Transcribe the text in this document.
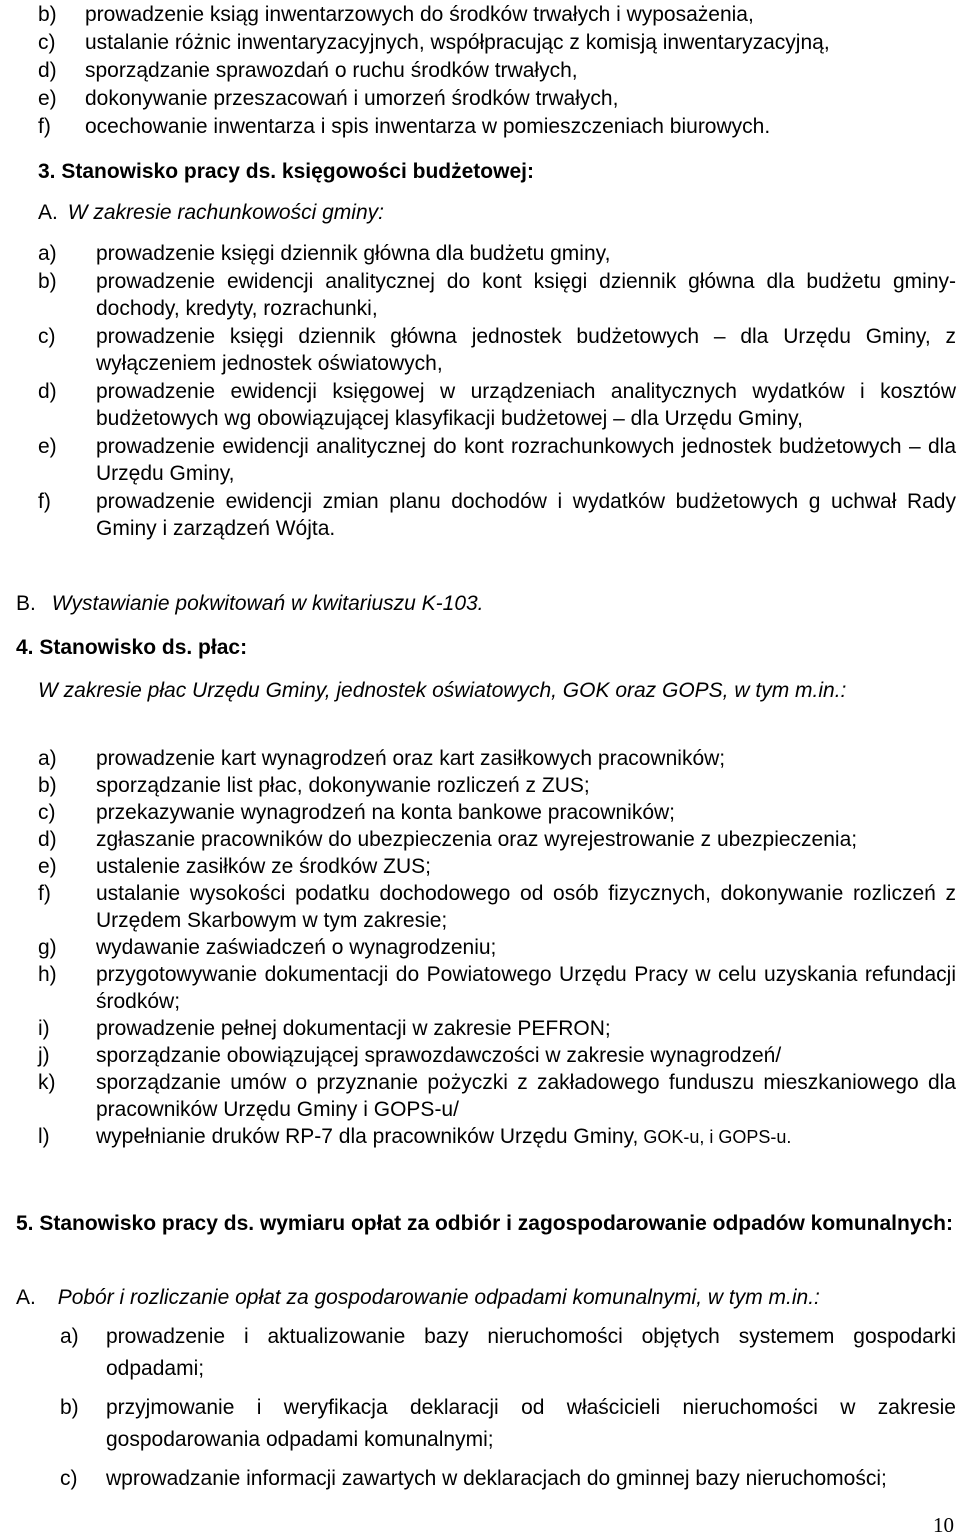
b)	prowadzenie ksiąg inwentarzowych do środków trwałych i wyposażenia,
c)	ustalanie różnic inwentaryzacyjnych, współpracując z komisją inwentaryzacyjną,
d)	sporządzanie sprawozdań o ruchu środków trwałych,
e)	dokonywanie przeszacowań i umorzeń środków trwałych,
f)	ocechowanie inwentarza i spis inwentarza w pomieszczeniach biurowych.

3. Stanowisko pracy ds. księgowości budżetowej:

A. W zakresie rachunkowości gminy:

a)	prowadzenie księgi dziennik główna dla budżetu gminy,
b)	prowadzenie ewidencji analitycznej do kont księgi dziennik główna dla budżetu gminy-dochody, kredyty, rozrachunki,
c)	prowadzenie księgi dziennik główna jednostek budżetowych – dla Urzędu Gminy, z wyłączeniem jednostek oświatowych,
d)	prowadzenie ewidencji księgowej w urządzeniach analitycznych wydatków i kosztów budżetowych wg obowiązującej klasyfikacji budżetowej – dla Urzędu Gminy,
e)	prowadzenie ewidencji analitycznej do kont rozrachunkowych jednostek budżetowych – dla Urzędu Gminy,
f)	prowadzenie ewidencji zmian planu dochodów i wydatków budżetowych g uchwał Rady Gminy i zarządzeń Wójta.

B. Wystawianie pokwitowań w kwitariuszu K-103.

4. Stanowisko ds. płac:

W zakresie płac Urzędu Gminy, jednostek oświatowych, GOK oraz GOPS, w tym m.in.:

a)	prowadzenie kart wynagrodzeń oraz kart zasiłkowych pracowników;
b)	sporządzanie list płac, dokonywanie rozliczeń z ZUS;
c)	przekazywanie wynagrodzeń na konta bankowe pracowników;
d)	zgłaszanie pracowników do ubezpieczenia oraz wyrejestrowanie z ubezpieczenia;
e)	ustalenie zasiłków ze środków ZUS;
f)	ustalanie wysokości podatku dochodowego od osób fizycznych, dokonywanie rozliczeń z Urzędem Skarbowym w tym zakresie;
g)	wydawanie zaświadczeń o wynagrodzeniu;
h)	przygotowywanie dokumentacji do Powiatowego Urzędu Pracy w celu uzyskania refundacji środków;
i)	prowadzenie pełnej dokumentacji w zakresie PEFRON;
j)	sporządzanie obowiązującej sprawozdawczości w zakresie wynagrodzeń/
k)	sporządzanie umów o przyznanie pożyczki z zakładowego funduszu mieszkaniowego dla pracowników Urzędu Gminy i GOPS-u/
l)	wypełnianie druków RP-7 dla pracowników Urzędu Gminy, GOK-u, i GOPS-u.

5. Stanowisko pracy ds. wymiaru opłat za odbiór i zagospodarowanie odpadów komunalnych:

A. Pobór i rozliczanie opłat za gospodarowanie odpadami komunalnymi, w tym m.in.:

a)	prowadzenie i aktualizowanie bazy nieruchomości objętych systemem gospodarki odpadami;
b)	przyjmowanie i weryfikacja deklaracji od właścicieli nieruchomości w zakresie gospodarowania odpadami komunalnymi;
c)	wprowadzanie informacji zawartych w deklaracjach do gminnej bazy nieruchomości;
10
